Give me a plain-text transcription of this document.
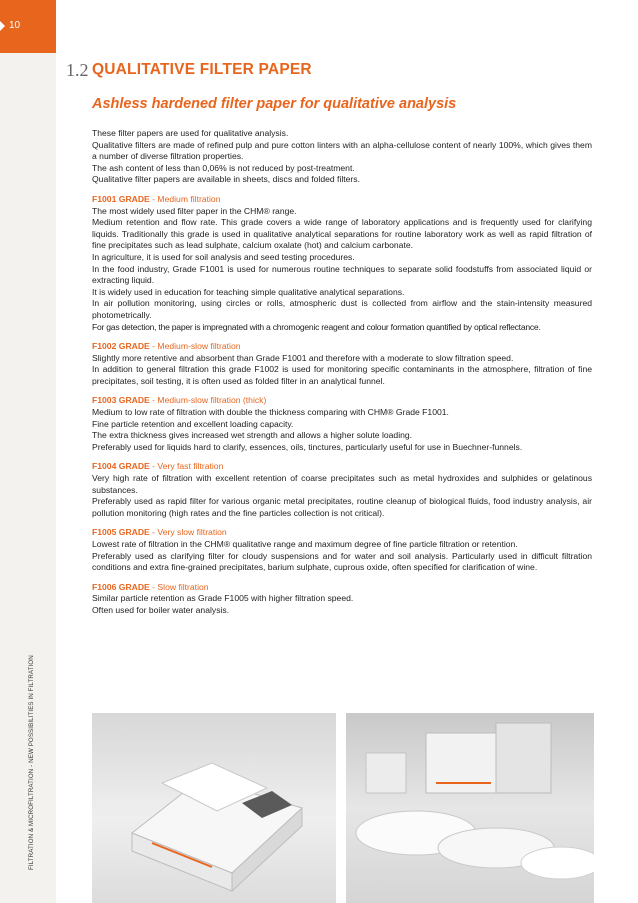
10
FILTRATION & MICROFILTRATION - NEW POSSIBILITIES IN FILTRATION
1.2 QUALITATIVE FILTER PAPER
Ashless hardened filter paper for qualitative analysis

These filter papers are used for qualitative analysis.

Qualitative filters are made of refined pulp and pure cotton linters with an alpha-cellulose content of nearly 100%, which gives them a number of diverse filtration properties.

The ash content of less than 0,06% is not reduced by post-treatment.

Qualitative filter papers are available in sheets, discs and folded filters.

F1001 GRADE - Medium filtration

The most widely used filter paper in the CHM® range.

Medium retention and flow rate. This grade covers a wide range of laboratory applications and is frequently used for clarifying liquids. Traditionally this grade is used in qualitative analytical separations for routine laboratory work as well as rapid filtration of fine precipitates such as lead sulphate, calcium oxalate (hot) and calcium carbonate.

In agriculture, it is used for soil analysis and seed testing procedures.

In the food industry, Grade F1001 is used for numerous routine techniques to separate solid foodstuffs from associated liquid or extracting liquid.

It is widely used in education for teaching simple qualitative analytical separations.

In air pollution monitoring, using circles or rolls, atmospheric dust is collected from airflow and the stain-intensity measured photometrically.

For gas detection, the paper is impregnated with a chromogenic reagent and colour formation quantified by optical reflectance.

F1002 GRADE - Medium-slow filtration

Slightly more retentive and absorbent than Grade F1001 and therefore with a moderate to slow filtration speed.

In addition to general filtration this grade F1002 is used for monitoring specific contaminants in the atmosphere, filtration of fine precipitates, soil testing, it is often used as folded filter in an analytical funnel.

F1003 GRADE - Medium-slow filtration (thick)

Medium to low rate of filtration with double the thickness comparing with CHM® Grade F1001.

Fine particle retention and excellent loading capacity.

The extra thickness gives increased wet strength and allows a higher solute loading.

Preferably used for liquids hard to clarify, essences, oils, tinctures, particularly useful for use in Buechner-funnels.

F1004 GRADE - Very fast filtration

Very high rate of filtration with excellent retention of coarse precipitates such as metal hydroxides and sulphides or gelatinous substances.

Preferably used as rapid filter for various organic metal precipitates, routine cleanup of biological fluids, food industry analysis, air pollution monitoring (high rates and the fine particles collection is not critical).

F1005 GRADE - Very slow filtration

Lowest rate of filtration in the CHM® qualitative range and maximum degree of fine particle filtration or retention.

Preferably used as clarifying filter for cloudy suspensions and for water and soil analysis. Particularly used in difficult filtration conditions and extra fine-grained precipitates, barium sulphate, cuprous oxide, often specified for clarification of wine.

F1006 GRADE - Slow filtration

Similar particle retention as Grade F1005 with higher filtration speed.

Often used for boiler water analysis.
